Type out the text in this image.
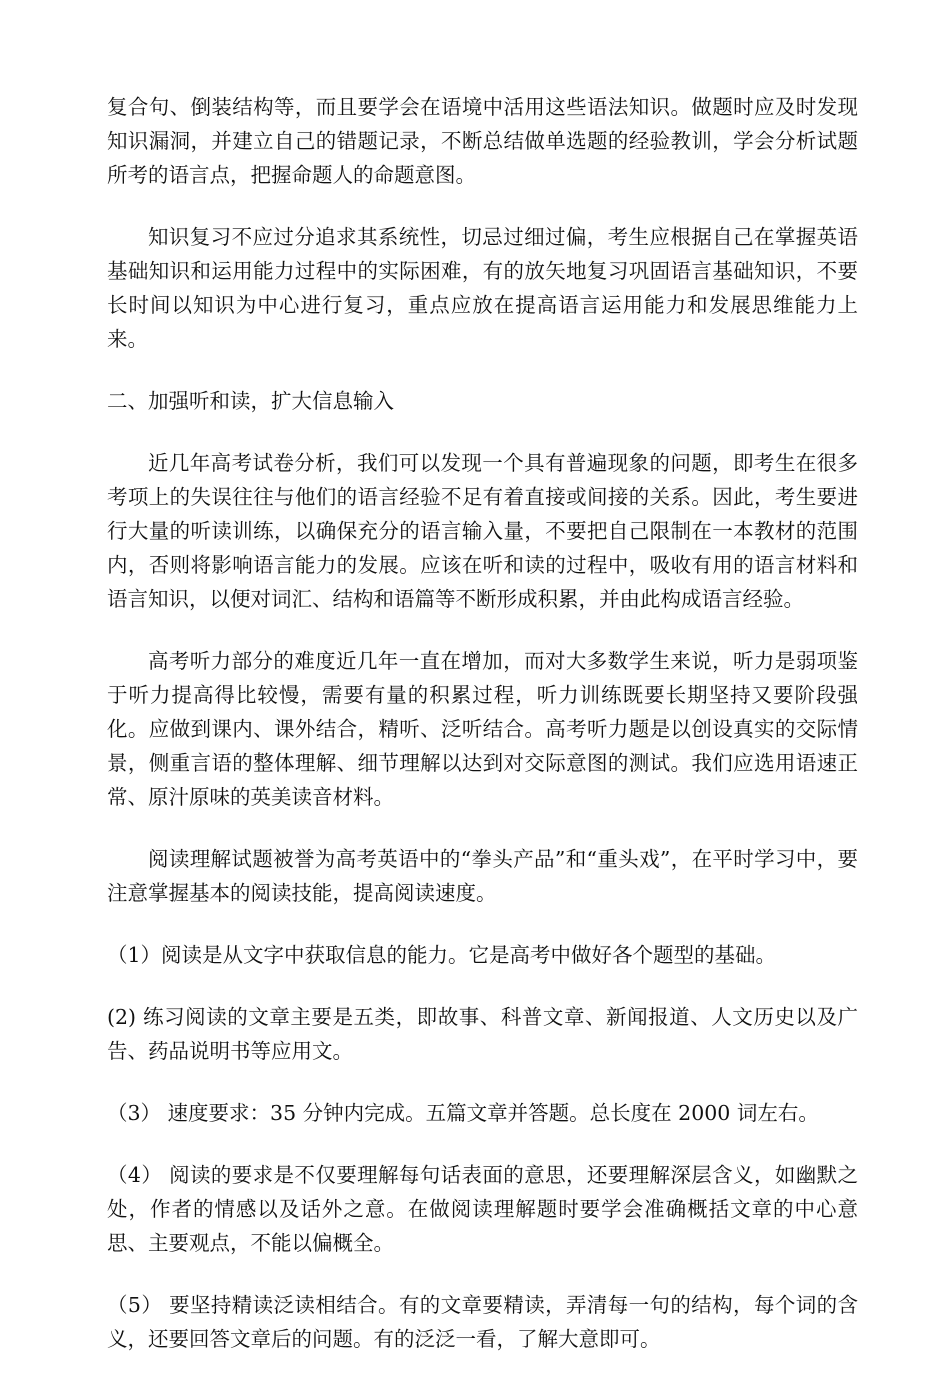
复合句、倒装结构等，而且要学会在语境中活用这些语法知识。做题时应及时发现知识漏洞，并建立自己的错题记录，不断总结做单选题的经验教训，学会分析试题所考的语言点，把握命题人的命题意图。

知识复习不应过分追求其系统性，切忌过细过偏，考生应根据自己在掌握英语基础知识和运用能力过程中的实际困难，有的放矢地复习巩固语言基础知识，不要长时间以知识为中心进行复习，重点应放在提高语言运用能力和发展思维能力上来。

二、加强听和读，扩大信息输入

近几年高考试卷分析，我们可以发现一个具有普遍现象的问题，即考生在很多考项上的失误往往与他们的语言经验不足有着直接或间接的关系。因此，考生要进行大量的听读训练，以确保充分的语言输入量，不要把自己限制在一本教材的范围内，否则将影响语言能力的发展。应该在听和读的过程中，吸收有用的语言材料和语言知识，以便对词汇、结构和语篇等不断形成积累，并由此构成语言经验。

高考听力部分的难度近几年一直在增加，而对大多数学生来说，听力是弱项鉴于听力提高得比较慢，需要有量的积累过程，听力训练既要长期坚持又要阶段强化。应做到课内、课外结合，精听、泛听结合。高考听力题是以创设真实的交际情景，侧重言语的整体理解、细节理解以达到对交际意图的测试。我们应选用语速正常、原汁原味的英美读音材料。

阅读理解试题被誉为高考英语中的“拳头产品”和“重头戏”，在平时学习中，要注意掌握基本的阅读技能，提高阅读速度。

（1）阅读是从文字中获取信息的能力。它是高考中做好各个题型的基础。

(2) 练习阅读的文章主要是五类，即故事、科普文章、新闻报道、人文历史以及广告、药品说明书等应用文。

（3） 速度要求：35 分钟内完成。五篇文章并答题。总长度在 2000 词左右。

（4） 阅读的要求是不仅要理解每句话表面的意思，还要理解深层含义，如幽默之处，作者的情感以及话外之意。在做阅读理解题时要学会准确概括文章的中心意思、主要观点，不能以偏概全。

（5） 要坚持精读泛读相结合。有的文章要精读，弄清每一句的结构，每个词的含义，还要回答文章后的问题。有的泛泛一看，了解大意即可。
